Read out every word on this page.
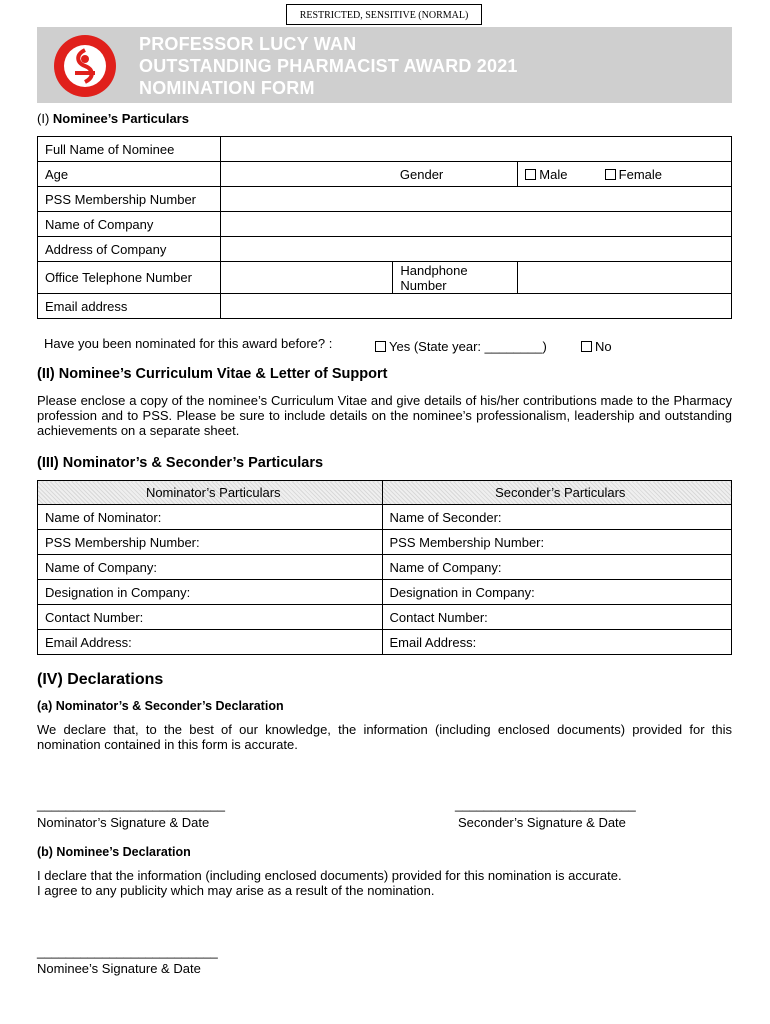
RESTRICTED, SENSITIVE (NORMAL)
PROFESSOR LUCY WAN
OUTSTANDING PHARMACIST AWARD 2021
NOMINATION FORM
(I) Nominee’s Particulars
Full Name of Nominee				
Age		Gender	Male	Female
PSS Membership Number				
Name of Company				
Address of Company				
Office Telephone Number		Handphone
Number		

Email address				
Have you been nominated for this award before? :	Yes (State year: ________)	No
(II) Nominee’s Curriculum Vitae & Letter of Support
Please enclose a copy of the nominee’s Curriculum Vitae and give details of his/her contributions made to the Pharmacy profession and to PSS. Please be sure to include details on the nominee’s professionalism, leadership and outstanding achievements on a separate sheet.
(III) Nominator’s & Seconder’s Particulars
Nominator’s Particulars	Seconder’s Particulars
Name of Nominator:	Name of Seconder:
PSS Membership Number:	PSS Membership Number:
Name of Company:	Name of Company:
Designation in Company:	Designation in Company:
Contact Number:	Contact Number:
Email Address:	Email Address:
(IV) Declarations
(a) Nominator’s & Seconder’s Declaration
We declare that, to the best of our knowledge, the information (including enclosed documents) provided for this nomination contained in this form is accurate.
__________________________
Nominator’s Signature & Date
_________________________
Seconder’s Signature & Date
(b) Nominee’s Declaration
I declare that the information (including enclosed documents) provided for this nomination is accurate.
I agree to any publicity which may arise as a result of the nomination.
_________________________
Nominee’s Signature & Date
